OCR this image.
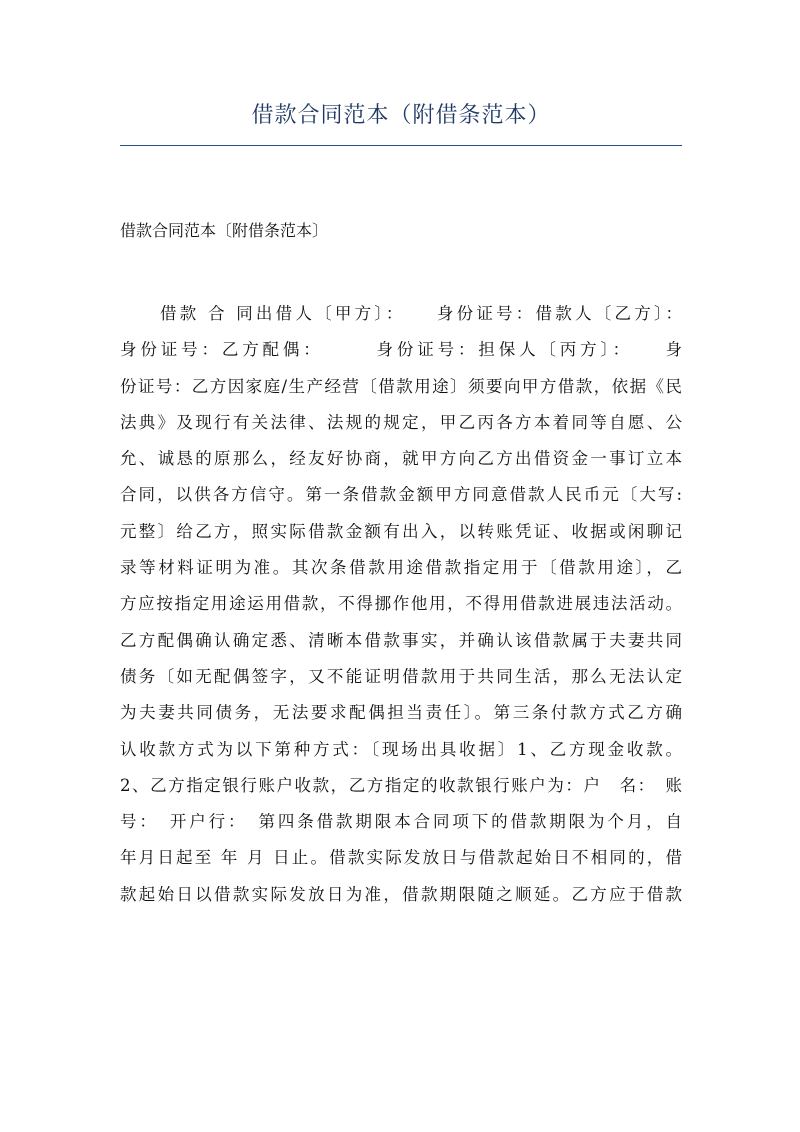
借款合同范本（附借条范本）
借款合同范本〔附借条范本〕
借款 合 同出借人〔甲方〕：　　身份证号：借款人〔乙方〕：
身份证号：乙方配偶：　　　身份证号：担保人〔丙方〕：　　身
份证号：乙方因家庭/生产经营〔借款用途〕须要向甲方借款，依据《民
法典》及现行有关法律、法规的规定，甲乙丙各方本着同等自愿、公
允、诚恳的原那么，经友好协商，就甲方向乙方出借资金一事订立本
合同，以供各方信守。第一条借款金额甲方同意借款人民币元〔大写:
元整〕给乙方，照实际借款金额有出入，以转账凭证、收据或闲聊记
录等材料证明为准。其次条借款用途借款指定用于〔借款用途〕，乙
方应按指定用途运用借款，不得挪作他用，不得用借款进展违法活动。
乙方配偶确认确定悉、清晰本借款事实，并确认该借款属于夫妻共同
债务〔如无配偶签字，又不能证明借款用于共同生活，那么无法认定
为夫妻共同债务，无法要求配偶担当责任〕。第三条付款方式乙方确
认收款方式为以下第种方式：〔现场出具收据〕1、乙方现金收款。
2、乙方指定银行账户收款，乙方指定的收款银行账户为：户　名：　账
号：　开户行：　第四条借款期限本合同项下的借款期限为个月，自
年月日起至 年 月 日止。借款实际发放日与借款起始日不相同的，借
款起始日以借款实际发放日为准，借款期限随之顺延。乙方应于借款
